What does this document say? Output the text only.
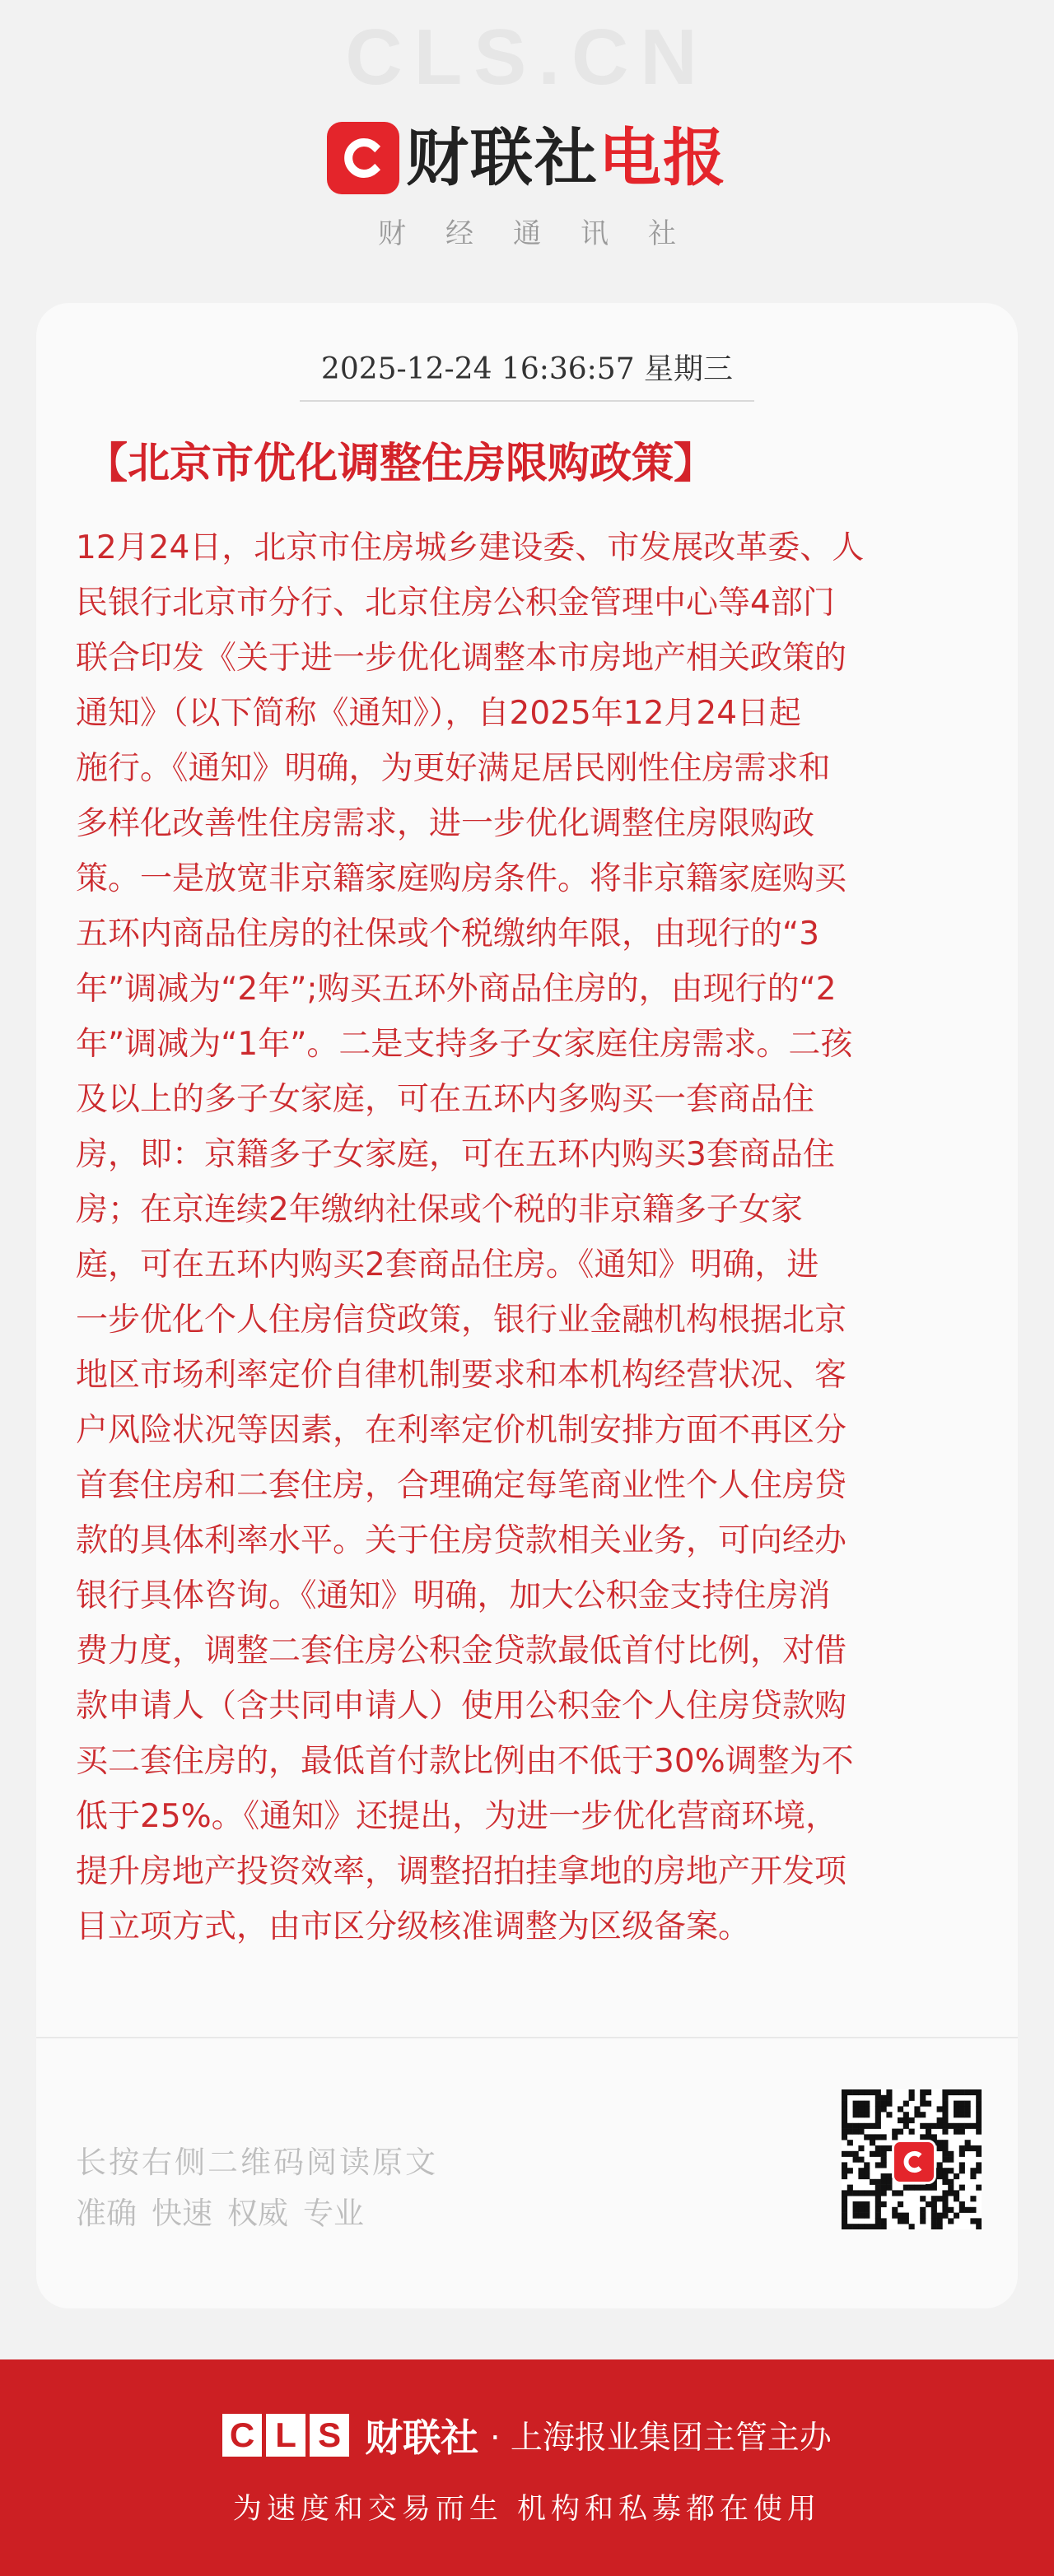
CLS.CN
财联社电报
财经通讯社
2025-12-24 16:36:57 星期三
【北京市优化调整住房限购政策】
12月24日，北京市住房城乡建设委、市发展改革委、人
民银行北京市分行、北京住房公积金管理中心等4部门
联合印发《关于进一步优化调整本市房地产相关政策的
通知》（以下简称《通知》），自2025年12月24日起
施行。《通知》明确，为更好满足居民刚性住房需求和
多样化改善性住房需求，进一步优化调整住房限购政
策。一是放宽非京籍家庭购房条件。将非京籍家庭购买
五环内商品住房的社保或个税缴纳年限，由现行的“3
年”调减为“2年”;购买五环外商品住房的，由现行的“2
年”调减为“1年”。二是支持多子女家庭住房需求。二孩
及以上的多子女家庭，可在五环内多购买一套商品住
房，即：京籍多子女家庭，可在五环内购买3套商品住
房；在京连续2年缴纳社保或个税的非京籍多子女家
庭，可在五环内购买2套商品住房。《通知》明确，进
一步优化个人住房信贷政策，银行业金融机构根据北京
地区市场利率定价自律机制要求和本机构经营状况、客
户风险状况等因素，在利率定价机制安排方面不再区分
首套住房和二套住房，合理确定每笔商业性个人住房贷
款的具体利率水平。关于住房贷款相关业务，可向经办
银行具体咨询。《通知》明确，加大公积金支持住房消
费力度，调整二套住房公积金贷款最低首付比例，对借
款申请人（含共同申请人）使用公积金个人住房贷款购
买二套住房的，最低首付款比例由不低于30%调整为不
低于25%。《通知》还提出，为进一步优化营商环境，
提升房地产投资效率，调整招拍挂拿地的房地产开发项
目立项方式，由市区分级核准调整为区级备案。
长按右侧二维码阅读原文
准确 快速 权威 专业
C L S 财联社 · 上海报业集团主管主办
为速度和交易而生 机构和私募都在使用
